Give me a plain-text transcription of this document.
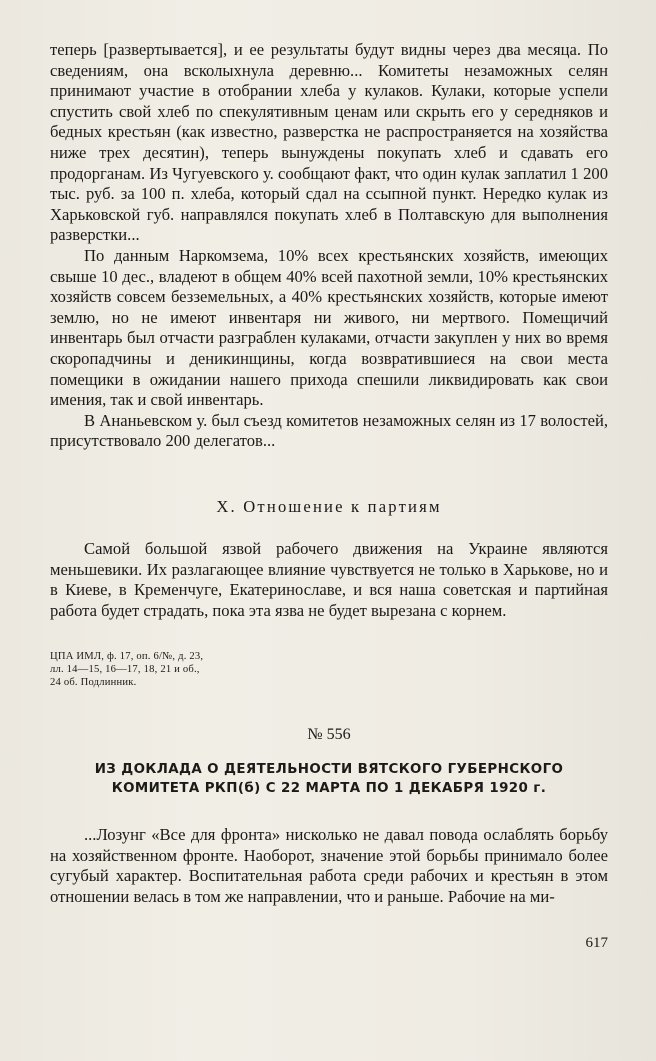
теперь [развертывается], и ее результаты будут видны через два месяца. По сведениям, она всколыхнула деревню... Комитеты незаможных селян принимают участие в отобрании хлеба у кулаков. Кулаки, которые успели спустить свой хлеб по спекулятивным ценам или скрыть его у середняков и бедных крестьян (как известно, разверстка не распространяется на хозяйства ниже трех десятин), теперь вынуждены покупать хлеб и сдавать его продорганам. Из Чугуевского у. сообщают факт, что один кулак заплатил 1 200 тыс. руб. за 100 п. хлеба, который сдал на ссыпной пункт. Нередко кулак из Харьковской губ. направлялся покупать хлеб в Полтавскую для выполнения разверстки...

По данным Наркомзема, 10% всех крестьянских хозяйств, имеющих свыше 10 дес., владеют в общем 40% всей пахотной земли, 10% крестьянских хозяйств совсем безземельных, а 40% крестьянских хозяйств, которые имеют землю, но не имеют инвентаря ни живого, ни мертвого. Помещичий инвентарь был отчасти разграблен кулаками, отчасти закуплен у них во время скоропадчины и деникинщины, когда возвратившиеся на свои места помещики в ожидании нашего прихода спешили ликвидировать как свои имения, так и свой инвентарь.

В Ананьевском у. был съезд комитетов незаможных селян из 17 волостей, присутствовало 200 делегатов...

X. Отношение к партиям

Самой большой язвой рабочего движения на Украине являются меньшевики. Их разлагающее влияние чувствуется не только в Харькове, но и в Киеве, в Кременчуге, Екатеринославе, и вся наша советская и партийная работа будет страдать, пока эта язва не будет вырезана с корнем.

ЦПА ИМЛ, ф. 17, оп. 6/№, д. 23,
лл. 14—15, 16—17, 18, 21 и об.,
24 об. Подлинник.
№ 556
ИЗ ДОКЛАДА О ДЕЯТЕЛЬНОСТИ ВЯТСКОГО ГУБЕРНСКОГО
КОМИТЕТА РКП(б) С 22 МАРТА ПО 1 ДЕКАБРЯ 1920 г.

...Лозунг «Все для фронта» нисколько не давал повода ослаблять борьбу на хозяйственном фронте. Наоборот, значение этой борьбы принимало более сугубый характер. Воспитательная работа среди рабочих и крестьян в этом отношении велась в том же направлении, что и раньше. Рабочие на ми-

617
